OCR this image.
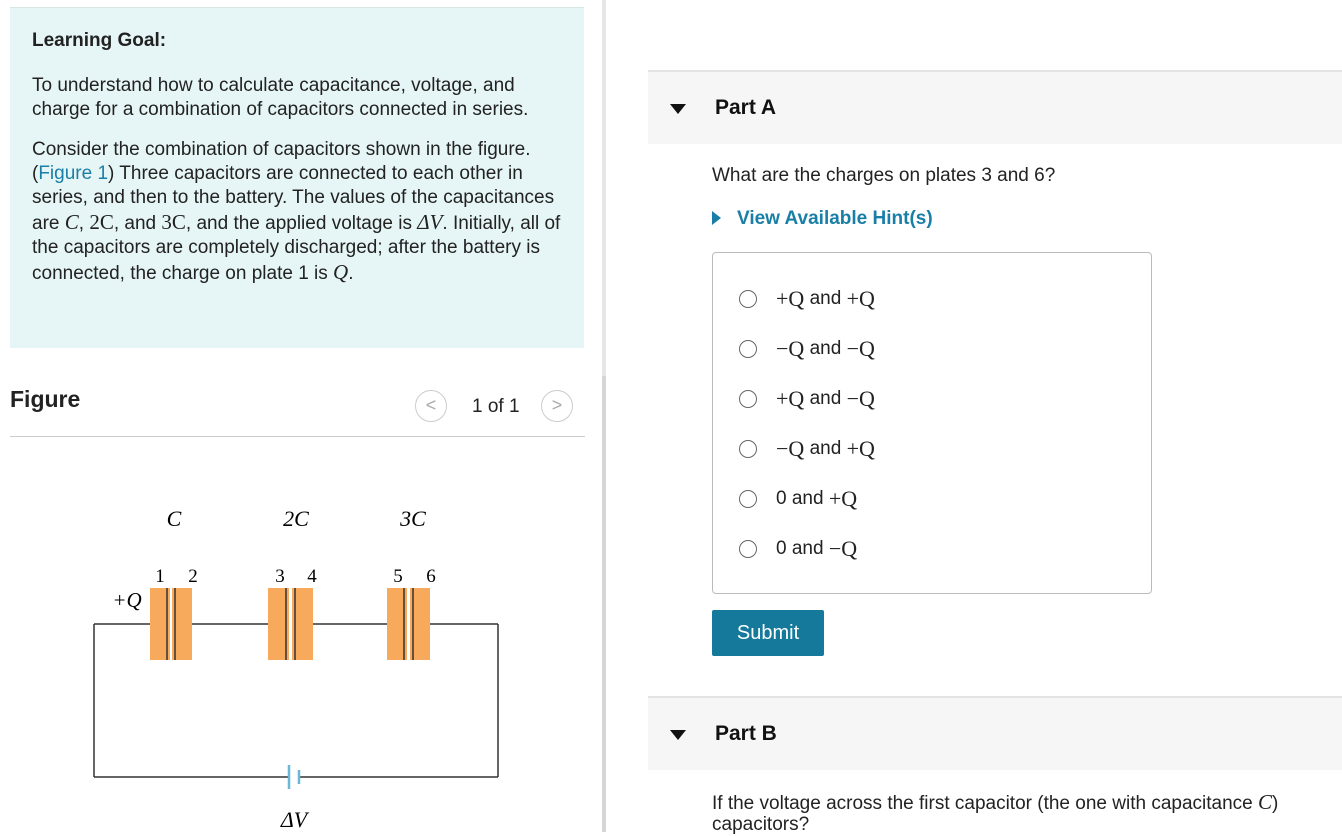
Learning Goal:

To understand how to calculate capacitance, voltage, and charge for a combination of capacitors connected in series.

Consider the combination of capacitors shown in the figure.(Figure 1) Three capacitors are connected to each other in series, and then to the battery. The values of the capacitances are C, 2C, and 3C, and the applied voltage is ΔV. Initially, all of the capacitors are completely discharged; after the battery is connected, the charge on plate 1 is Q.

Figure	<	1 of 1	>
C	2C	3C
+Q
1 2	3 4	5 6
ΔV
Part A
What are the charges on plates 3 and 6?
View Available Hint(s)
+Q
and
+Q
−Q
and
−Q
+Q
and
−Q
−Q
and
+Q
0
and
+Q
0
and
−Q
Submit
Part B
If the voltage across the first capacitor (the one with capacitance C)
capacitors?
